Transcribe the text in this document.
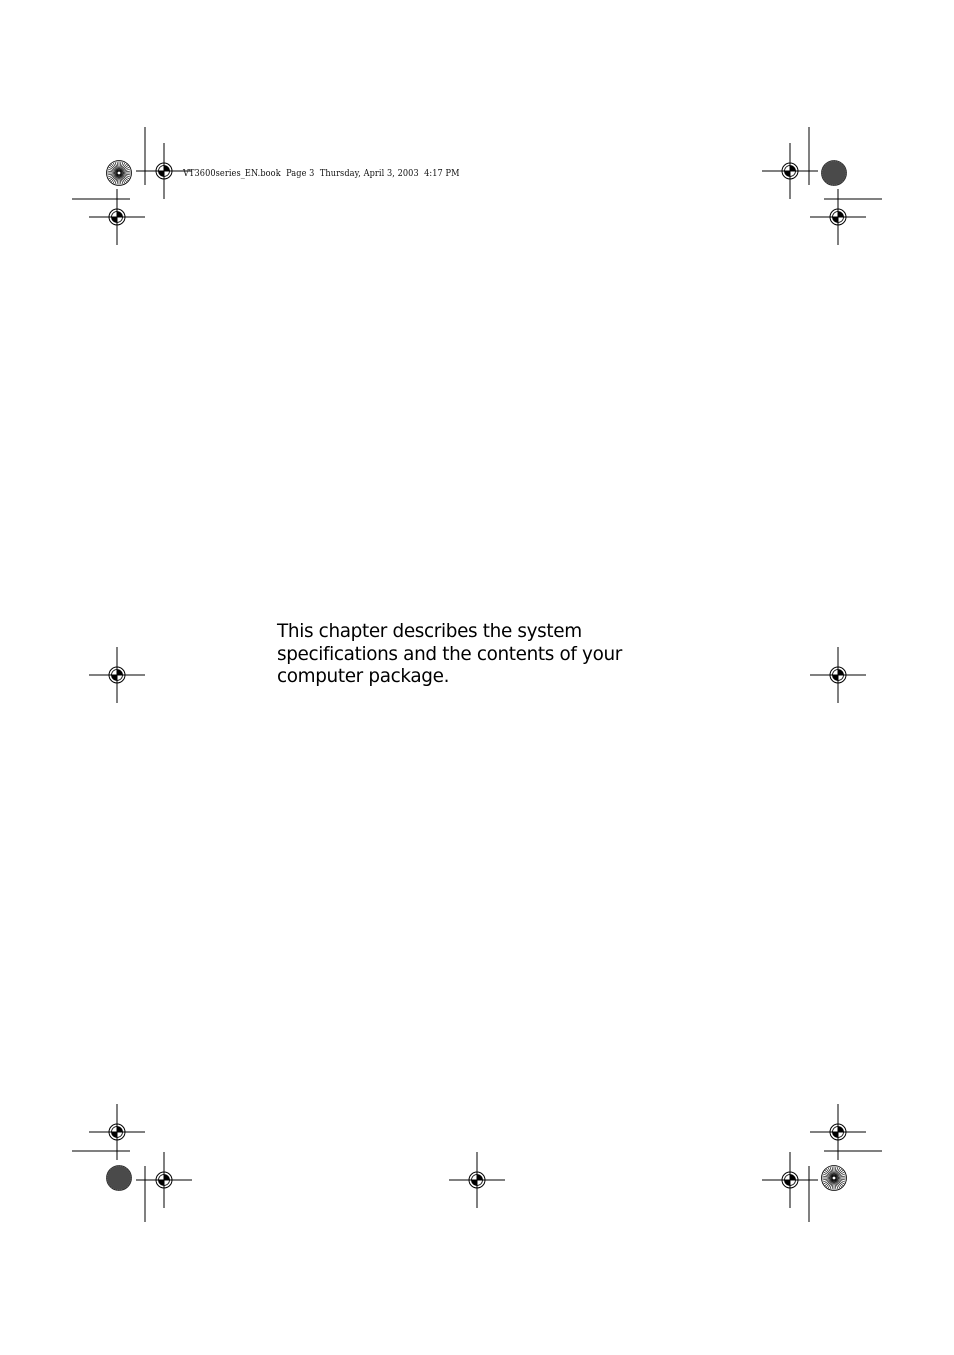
VT3600series_EN.book  Page 3  Thursday, April 3, 2003  4:17 PM
This chapter describes the system specifications and the contents of your computer package.
